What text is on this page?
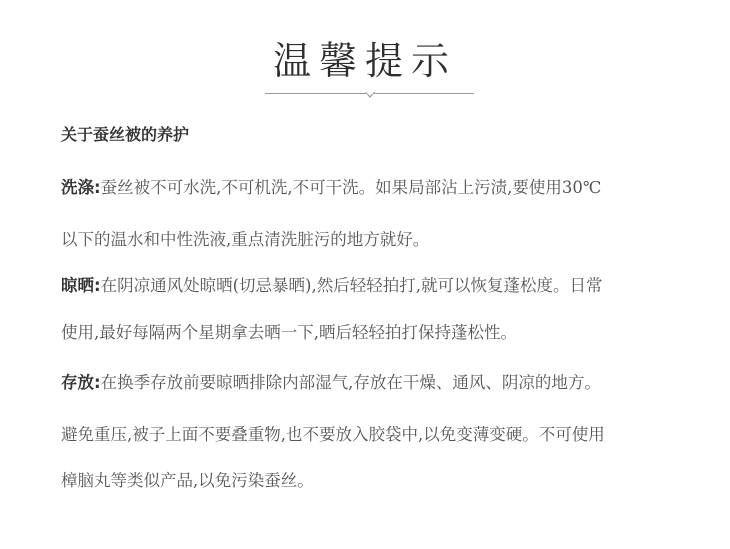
温馨提示
关于蚕丝被的养护
洗涤:蚕丝被不可水洗,不可机洗,不可干洗。如果局部沾上污渍,要使用30℃
以下的温水和中性洗液,重点清洗脏污的地方就好。
晾晒:在阴凉通风处晾晒(切忌暴晒),然后轻轻拍打,就可以恢复蓬松度。日常
使用,最好每隔两个星期拿去晒一下,晒后轻轻拍打保持蓬松性。
存放:在换季存放前要晾晒排除内部湿气,存放在干燥、通风、阴凉的地方。
避免重压,被子上面不要叠重物,也不要放入胶袋中,以免变薄变硬。不可使用
樟脑丸等类似产品,以免污染蚕丝。
